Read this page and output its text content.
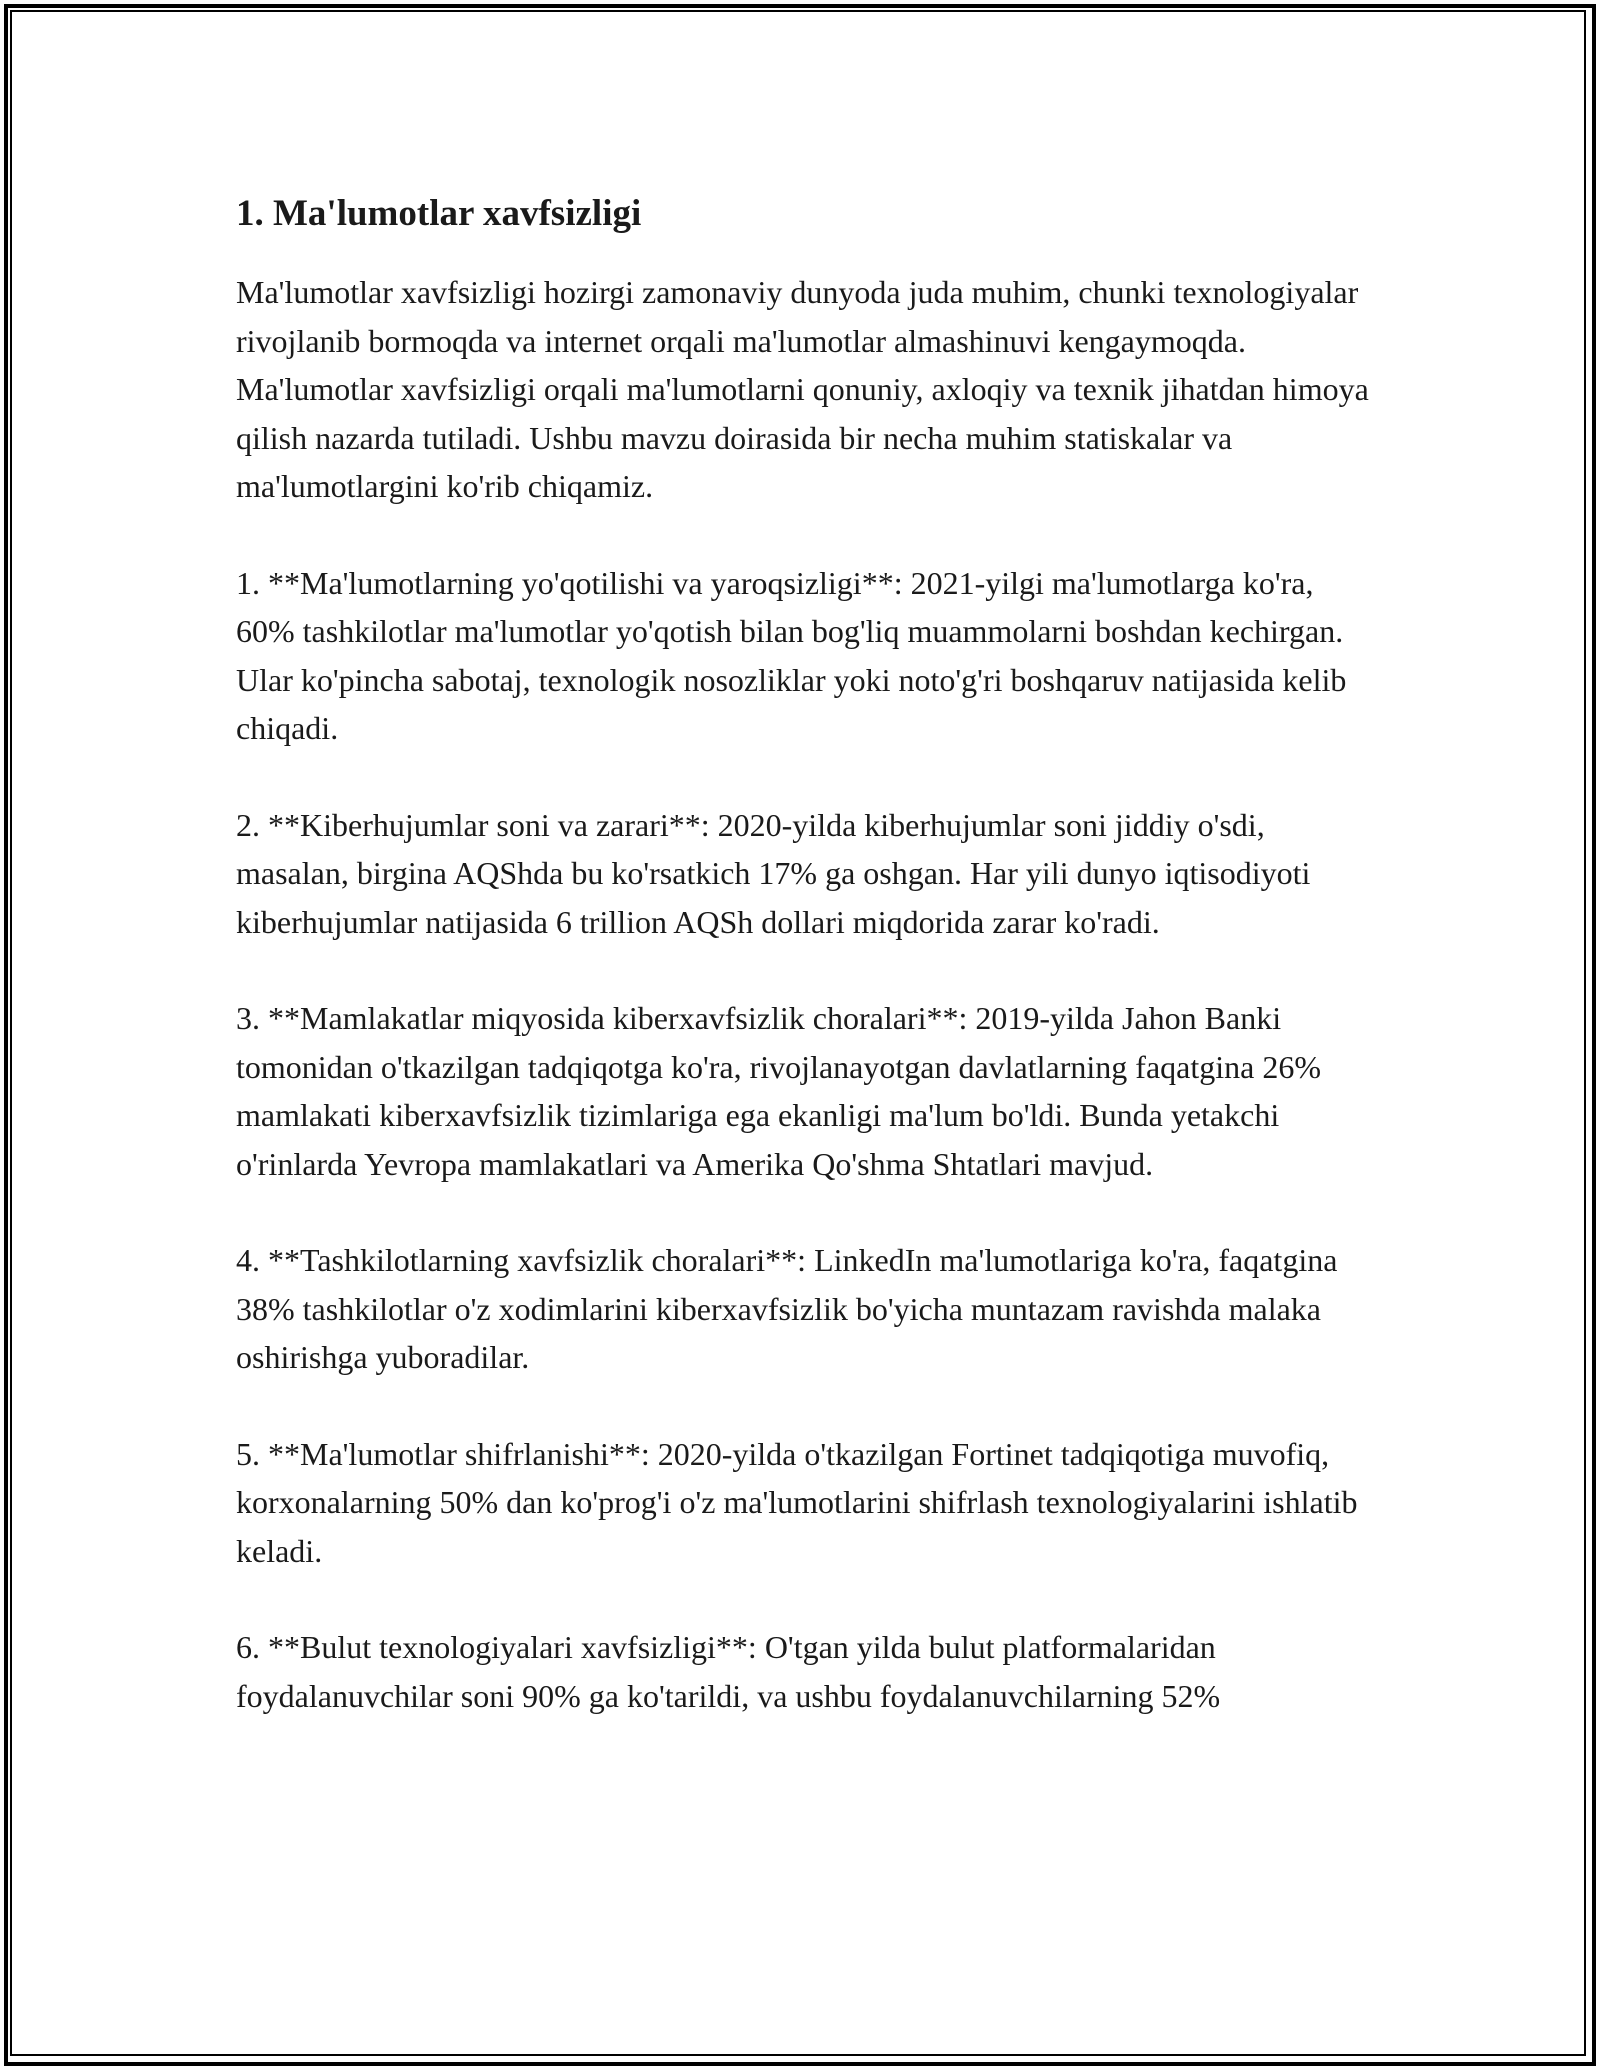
1. Ma'lumotlar xavfsizligi

Ma'lumotlar xavfsizligi hozirgi zamonaviy dunyoda juda muhim, chunki texnologiyalar rivojlanib bormoqda va internet orqali ma'lumotlar almashinuvi kengaymoqda. Ma'lumotlar xavfsizligi orqali ma'lumotlarni qonuniy, axloqiy va texnik jihatdan himoya qilish nazarda tutiladi. Ushbu mavzu doirasida bir necha muhim statiskalar va ma'lumotlargini ko'rib chiqamiz.

1. **Ma'lumotlarning yo'qotilishi va yaroqsizligi**: 2021-yilgi ma'lumotlarga ko'ra, 60% tashkilotlar ma'lumotlar yo'qotish bilan bog'liq muammolarni boshdan kechirgan. Ular ko'pincha sabotaj, texnologik nosozliklar yoki noto'g'ri boshqaruv natijasida kelib chiqadi.

2. **Kiberhujumlar soni va zarari**: 2020-yilda kiberhujumlar soni jiddiy o'sdi, masalan, birgina AQShda bu ko'rsatkich 17% ga oshgan. Har yili dunyo iqtisodiyoti kiberhujumlar natijasida 6 trillion AQSh dollari miqdorida zarar ko'radi.

3. **Mamlakatlar miqyosida kiberxavfsizlik choralari**: 2019-yilda Jahon Banki tomonidan o'tkazilgan tadqiqotga ko'ra, rivojlanayotgan davlatlarning faqatgina 26% mamlakati kiberxavfsizlik tizimlariga ega ekanligi ma'lum bo'ldi. Bunda yetakchi o'rinlarda Yevropa mamlakatlari va Amerika Qo'shma Shtatlari mavjud.

4. **Tashkilotlarning xavfsizlik choralari**: LinkedIn ma'lumotlariga ko'ra, faqatgina 38% tashkilotlar o'z xodimlarini kiberxavfsizlik bo'yicha muntazam ravishda malaka oshirishga yuboradilar.

5. **Ma'lumotlar shifrlanishi**: 2020-yilda o'tkazilgan Fortinet tadqiqotiga muvofiq, korxonalarning 50% dan ko'prog'i o'z ma'lumotlarini shifrlash texnologiyalarini ishlatib keladi.

6. **Bulut texnologiyalari xavfsizligi**: O'tgan yilda bulut platformalaridan foydalanuvchilar soni 90% ga ko'tarildi, va ushbu foydalanuvchilarning 52%
